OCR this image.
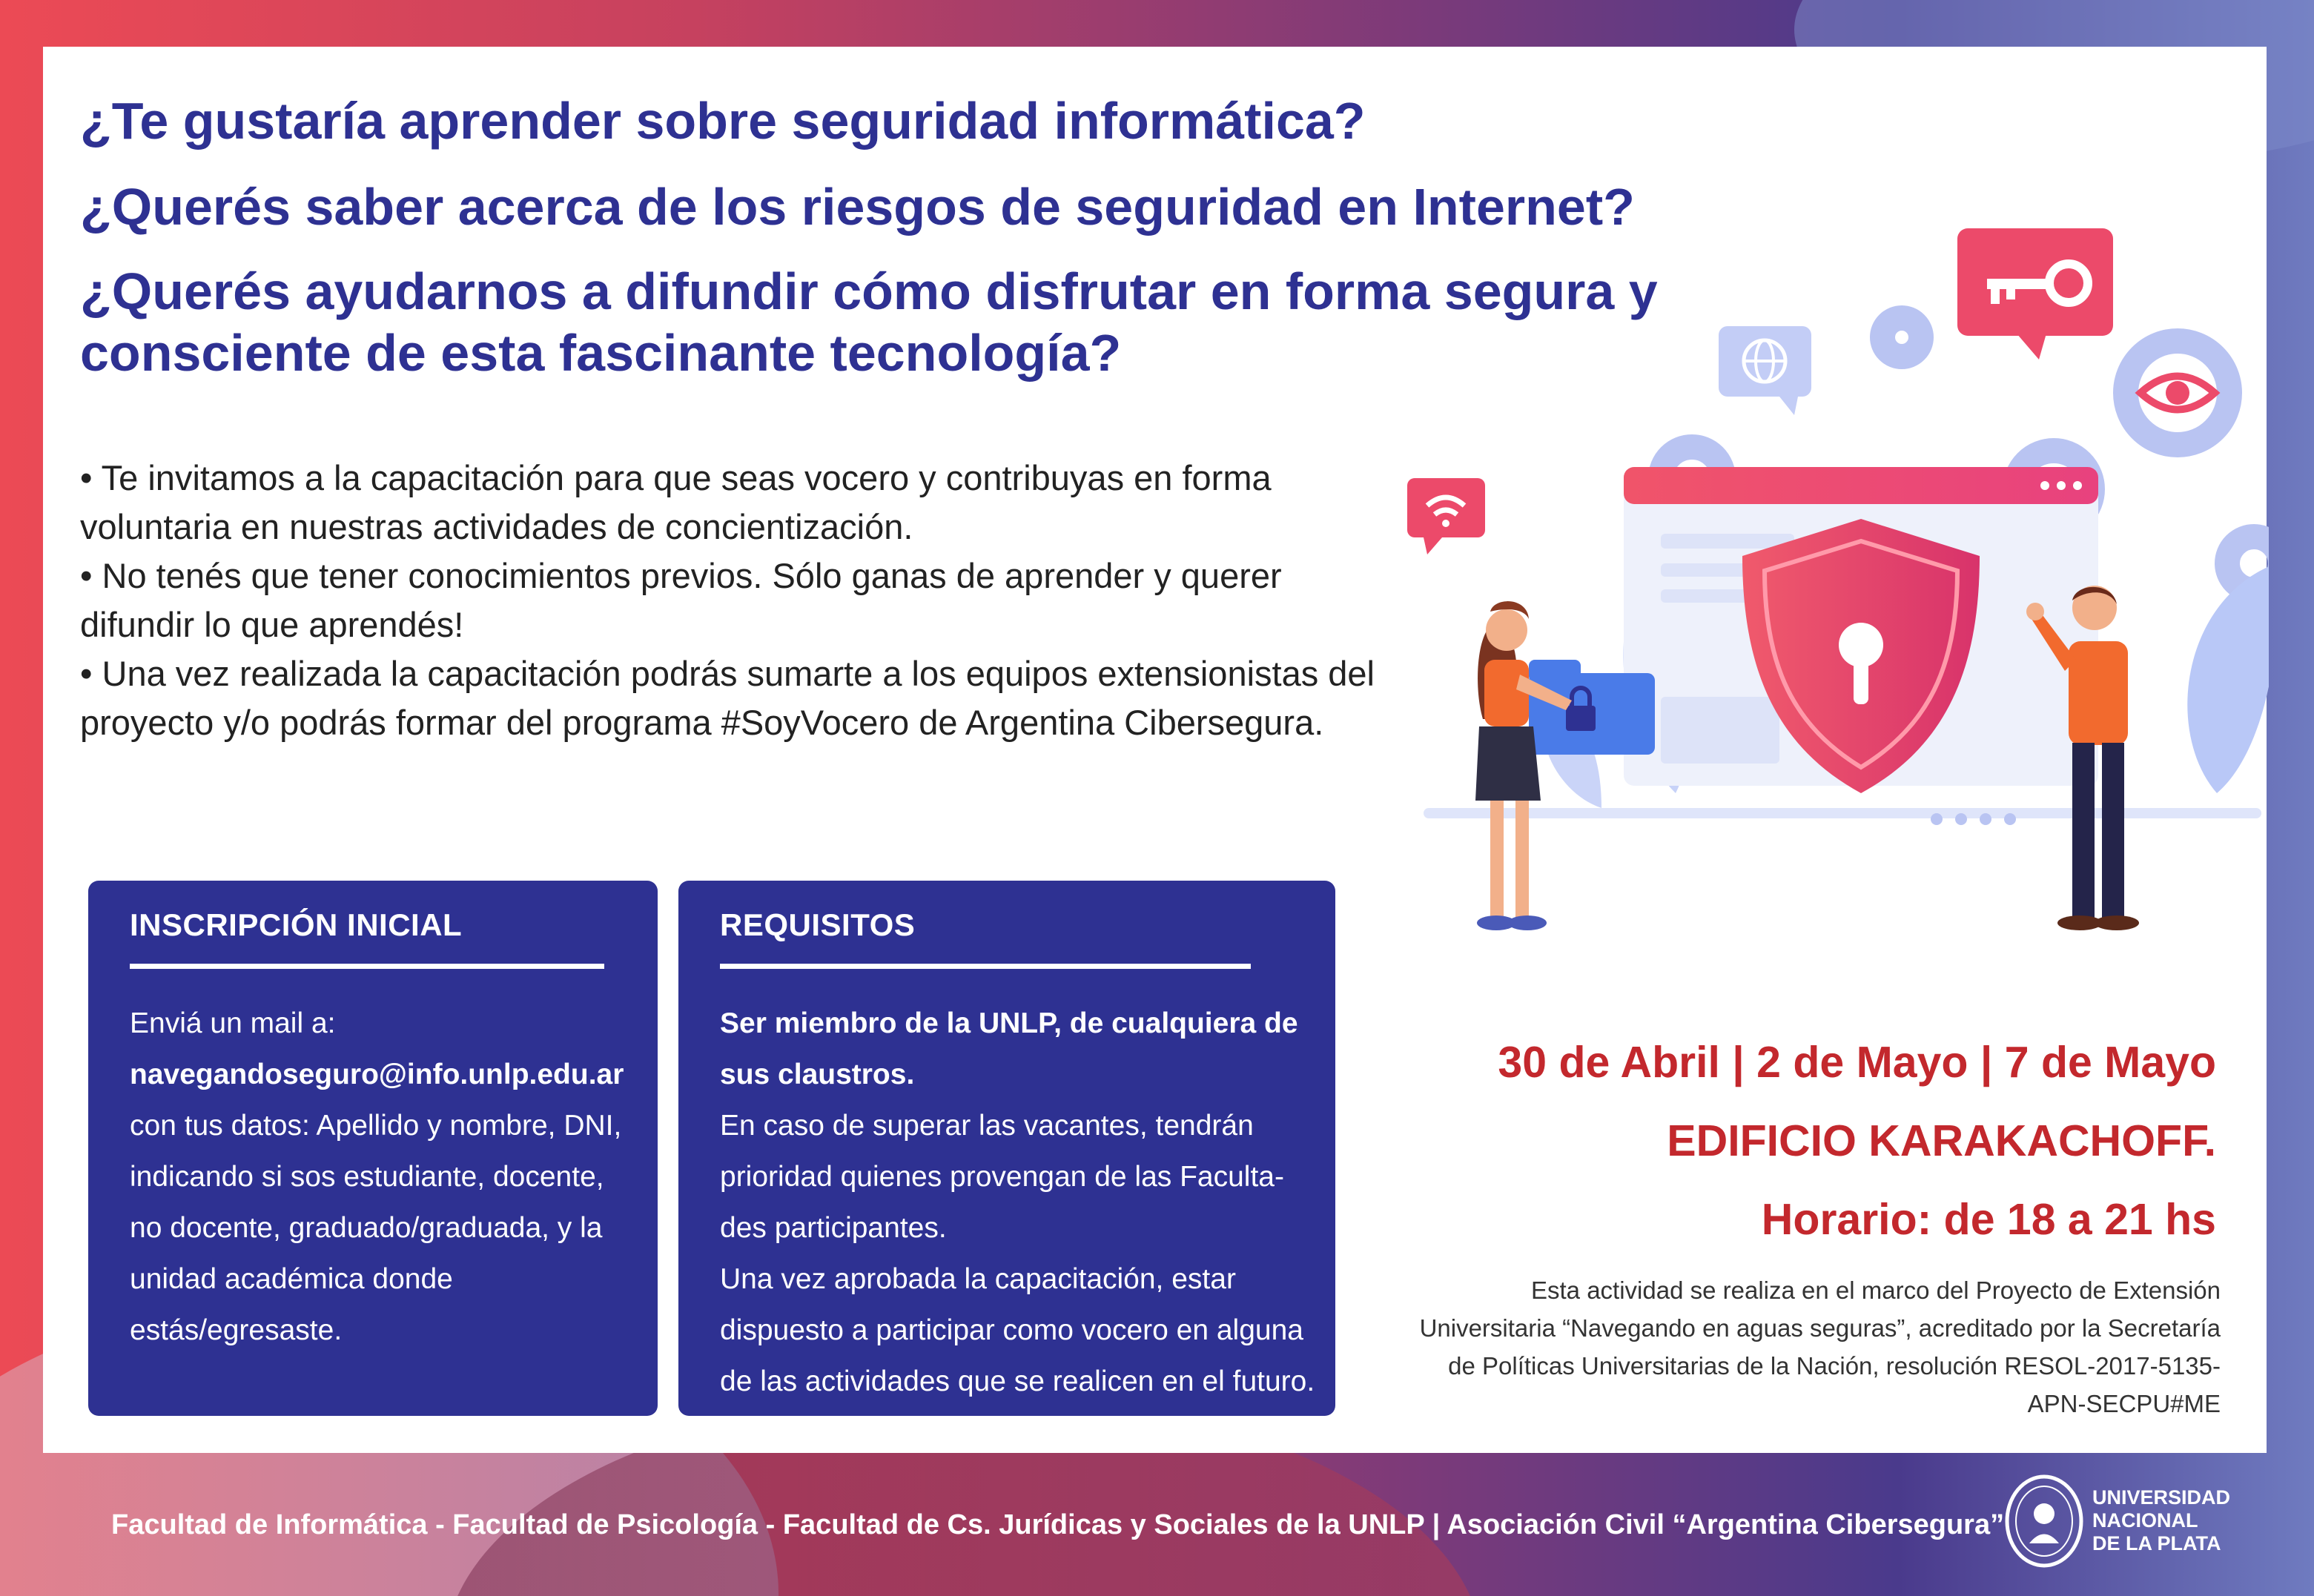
¿Te gustaría aprender sobre seguridad informática?
¿Querés saber acerca de los riesgos de seguridad en Internet?
¿Querés ayudarnos a difundir cómo disfrutar en forma segura y consciente de esta fascinante tecnología?

• Te invitamos a la capacitación para que seas vocero y contribuyas en forma voluntaria en nuestras actividades de concientización.

• No tenés que tener conocimientos previos. Sólo ganas de aprender y querer difundir lo que aprendés!

• Una vez realizada la capacitación podrás sumarte a los equipos extensionistas del proyecto y/o podrás formar del programa #SoyVocero de Argentina Cibersegura.

INSCRIPCIÓN INICIAL
Enviá un mail a:
navegandoseguro@info.unlp.edu.ar
con tus datos: Apellido y nombre, DNI,
indicando si sos estudiante, docente,
no docente, graduado/graduada, y la
unidad académica donde
estás/egresaste.
REQUISITOS
Ser miembro de la UNLP, de cualquiera de
sus claustros.
En caso de superar las vacantes, tendrán
prioridad quienes provengan de las Faculta-
des participantes.
Una vez aprobada la capacitación, estar
dispuesto a participar como vocero en alguna
de las actividades que se realicen en el futuro.
30 de Abril | 2 de Mayo | 7 de Mayo
EDIFICIO KARAKACHOFF.
Horario: de 18 a 21 hs
Esta actividad se realiza en el marco del Proyecto de Extensión Universitaria “Navegando en aguas seguras”, acreditado por la Secretaría de Políticas Universitarias de la Nación, resolución RESOL-2017-5135-APN-SECPU#ME
Facultad de Informática - Facultad de Psicología - Facultad de Cs. Jurídicas y Sociales de la UNLP | Asociación Civil “Argentina Cibersegura”
UNIVERSIDAD
NACIONAL
DE LA PLATA
